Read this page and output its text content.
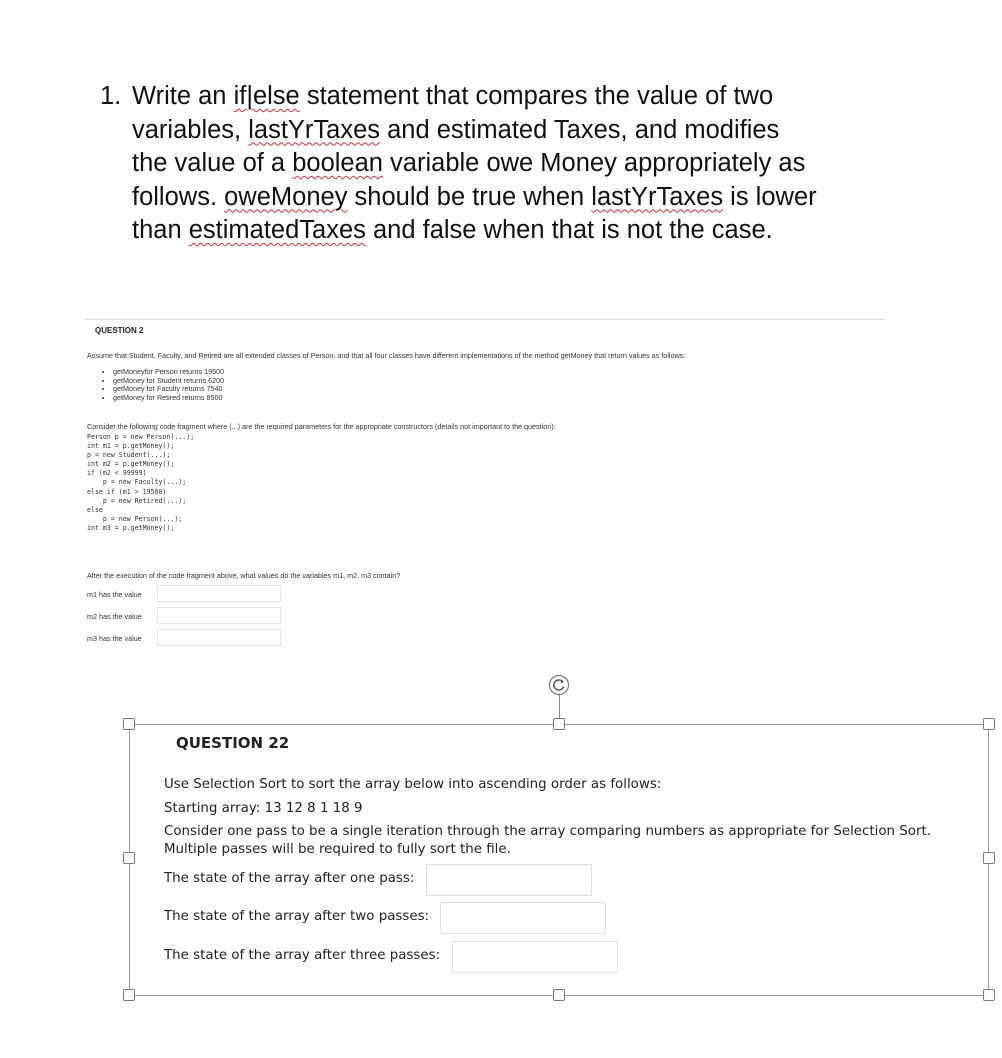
1. Write an if|else statement that compares the value of two
variables, lastYrTaxes and estimated Taxes, and modifies
the value of a boolean variable owe Money appropriately as
follows. oweMoney should be true when lastYrTaxes is lower
than estimatedTaxes and false when that is not the case.
QUESTION 2
Assume that Student, Faculty, and Retired are all extended classes of Person, and that all four classes have different implementations of the method getMoney that return values as follows:
• getMoneyfor Person returns 19500
• getMoney for Student returns 6200
• getMoney for Faculty returns 7540
• getMoney for Retired returns 8500
Consider the following code fragment where (...) are the required parameters for the appropriate constructors (details not important to the question):
Person p = new Person(...);
int m1 = p.getMoney();
p = new Student(...);
int m2 = p.getMoney();
if (m2 < 99999)
p = new Faculty(...);
else if (m1 > 19500)
p = new Retired(...);
else
p = new Person(...);
int m3 = p.getMoney();
After the execution of the code fragment above, what values do the variables m1, m2, m3 contain?
m1 has the value
m2 has the value
m3 has the value
QUESTION 22
Use Selection Sort to sort the array below into ascending order as follows:
Starting array: 13 12 8 1 18 9
Consider one pass to be a single iteration through the array comparing numbers as appropriate for Selection Sort.
Multiple passes will be required to fully sort the file.
The state of the array after one pass:
The state of the array after two passes:
The state of the array after three passes:
